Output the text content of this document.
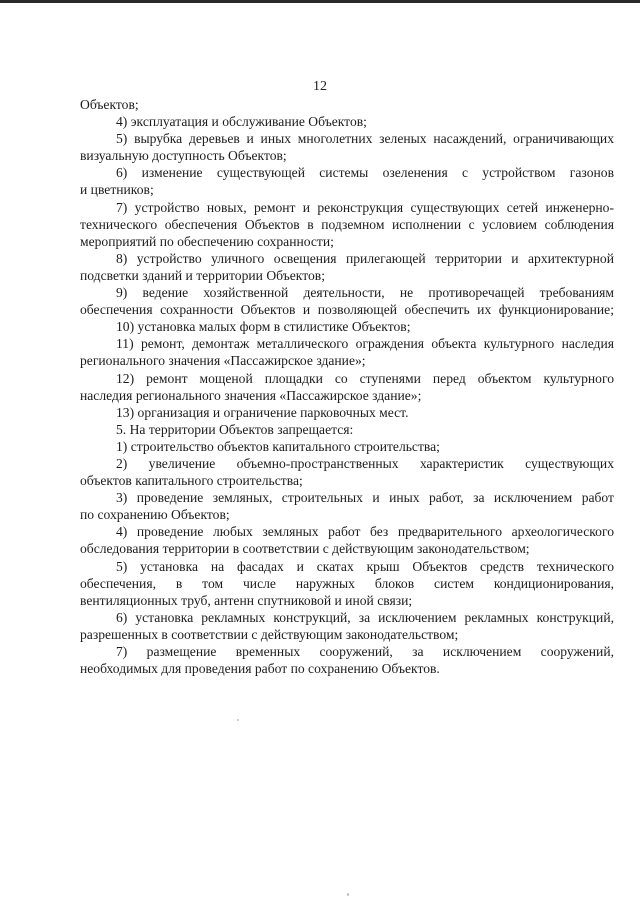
12
Объектов;
4) эксплуатация и обслуживание Объектов;
5) вырубка деревьев и иных многолетних зеленых насаждений, ограничивающих
визуальную доступность Объектов;
6) изменение существующей системы озеленения с устройством газонов
и цветников;
7) устройство новых, ремонт и реконструкция существующих сетей инженерно-
технического обеспечения Объектов в подземном исполнении с условием соблюдения
мероприятий по обеспечению сохранности;
8) устройство уличного освещения прилегающей территории и архитектурной
подсветки зданий и территории Объектов;
9) ведение хозяйственной деятельности, не противоречащей требованиям
обеспечения сохранности Объектов и позволяющей обеспечить их функционирование;
10) установка малых форм в стилистике Объектов;
11) ремонт, демонтаж металлического ограждения объекта культурного наследия
регионального значения «Пассажирское здание»;
12) ремонт мощеной площадки со ступенями перед объектом культурного
наследия регионального значения «Пассажирское здание»;
13) организация и ограничение парковочных мест.
5. На территории Объектов запрещается:
1) строительство объектов капитального строительства;
2) увеличение объемно-пространственных характеристик существующих
объектов капитального строительства;
3) проведение земляных, строительных и иных работ, за исключением работ
по сохранению Объектов;
4) проведение любых земляных работ без предварительного археологического
обследования территории в соответствии с действующим законодательством;
5) установка на фасадах и скатах крыш Объектов средств технического
обеспечения, в том числе наружных блоков систем кондиционирования,
вентиляционных труб, антенн спутниковой и иной связи;
6) установка рекламных конструкций, за исключением рекламных конструкций,
разрешенных в соответствии с действующим законодательством;
7) размещение временных сооружений, за исключением сооружений,
необходимых для проведения работ по сохранению Объектов.
